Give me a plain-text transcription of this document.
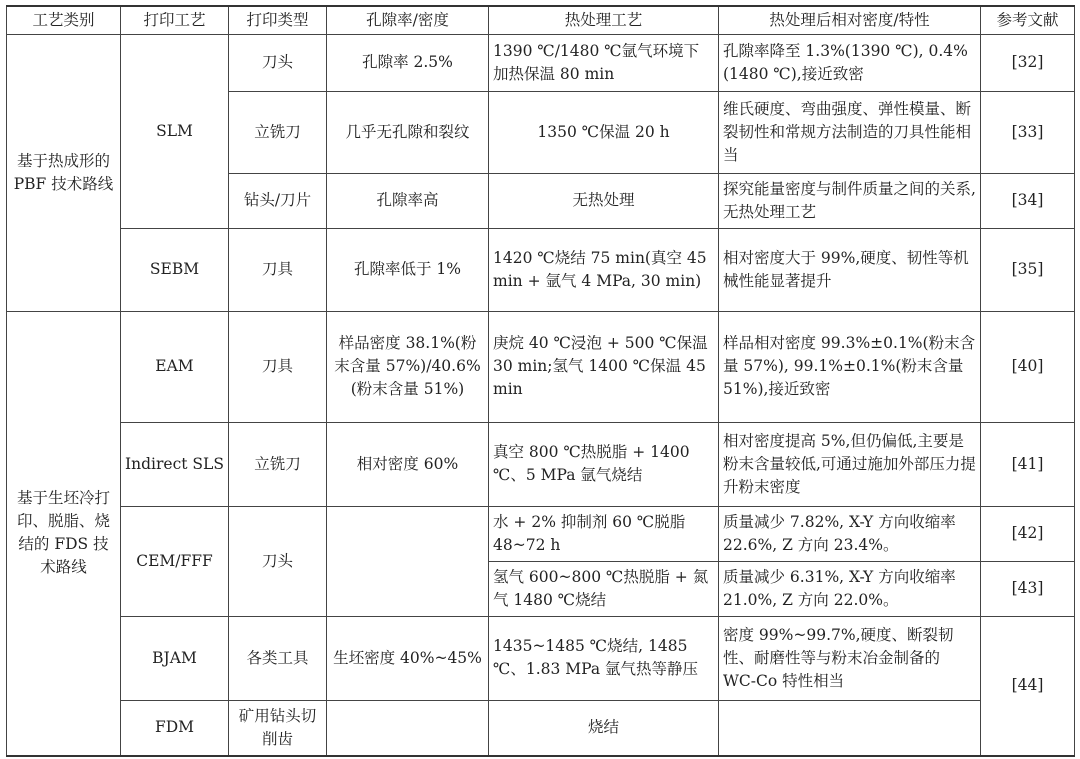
工艺类别	打印工艺	打印类型	孔隙率/密度	热处理工艺	热处理后相对密度/特性	参考文献
基于热成形的 PBF 技术路线	SLM	刀头	孔隙率 2.5%	1390 ℃/1480 ℃氩气环境下加热保温 80 min	孔隙率降至 1.3%(1390 ℃), 0.4%(1480 ℃),接近致密	[32]
		立铣刀	几乎无孔隙和裂纹	1350 ℃保温 20 h	维氏硬度、弯曲强度、弹性模量、断裂韧性和常规方法制造的刀具性能相当	[33]
		钻头/刀片	孔隙率高	无热处理	探究能量密度与制件质量之间的关系,无热处理工艺	[34]
	SEBM	刀具	孔隙率低于 1%	1420 ℃烧结 75 min(真空 45 min + 氩气 4 MPa, 30 min)	相对密度大于 99%,硬度、韧性等机械性能显著提升	[35]
基于生坯冷打印、脱脂、烧结的 FDS 技术路线	EAM	刀具	样品密度 38.1%(粉末含量 57%)/40.6%(粉末含量 51%)	庚烷 40 ℃浸泡 + 500 ℃保温 30 min;氢气 1400 ℃保温 45 min	样品相对密度 99.3%±0.1%(粉末含量 57%), 99.1%±0.1%(粉末含量 51%),接近致密	[40]
	Indirect SLS	立铣刀	相对密度 60%	真空 800 ℃热脱脂 + 1400 ℃、5 MPa 氩气烧结	相对密度提高 5%,但仍偏低,主要是粉末含量较低,可通过施加外部压力提升粉末密度	[41]
	CEM/FFF	刀头		水 + 2% 抑制剂 60 ℃脱脂 48~72 h	质量减少 7.82%, X-Y 方向收缩率 22.6%, Z 方向 23.4%。	[42]
				氢气 600~800 ℃热脱脂 + 氮气 1480 ℃烧结	质量减少 6.31%, X-Y 方向收缩率 21.0%, Z 方向 22.0%。	[43]
	BJAM	各类工具	生坯密度 40%~45%	1435~1485 ℃烧结, 1485 ℃、1.83 MPa 氩气热等静压	密度 99%~99.7%,硬度、断裂韧性、耐磨性等与粉末冶金制备的 WC-Co 特性相当	[44]
	FDM	矿用钻头切削齿		烧结		
